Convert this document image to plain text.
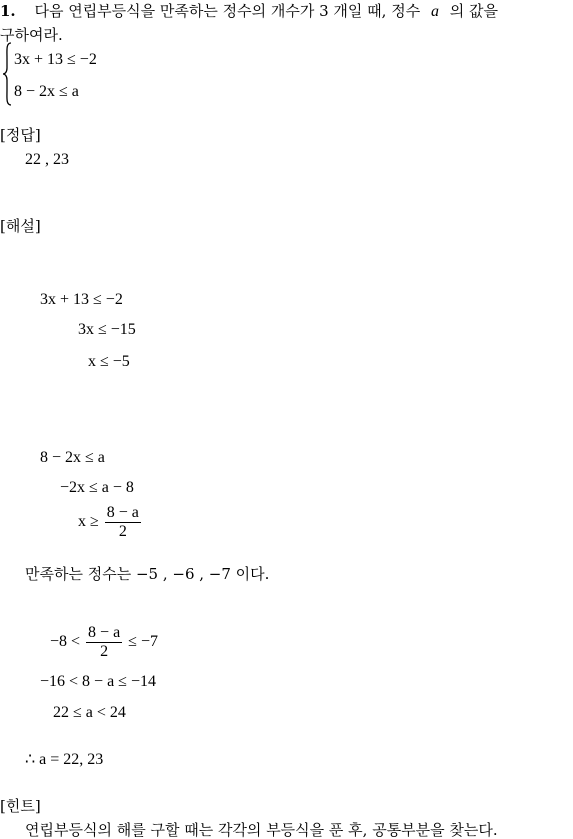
1. 다음 연립부등식을 만족하는 정수의 개수가 3 개일 때, 정수 a 의 값을
구하여라.
3x + 13 ≤ −2
8 − 2x ≤ a
[정답]
22 , 23
[해설]
3x + 13 ≤ −2
3x ≤ −15
x ≤ −5
8 − 2x ≤ a
−2x ≤ a − 8
$x \ge \frac{8 - a}{2}$
만족하는 정수는 −5 , −6 , −7 이다.
$-8 < \frac{8 - a}{2} \le -7$
−16 < 8 − a ≤ −14
22 ≤ a < 24
∴ a = 22, 23
[힌트]
연립부등식의 해를 구할 때는 각각의 부등식을 푼 후, 공통부분을 찾는다.
